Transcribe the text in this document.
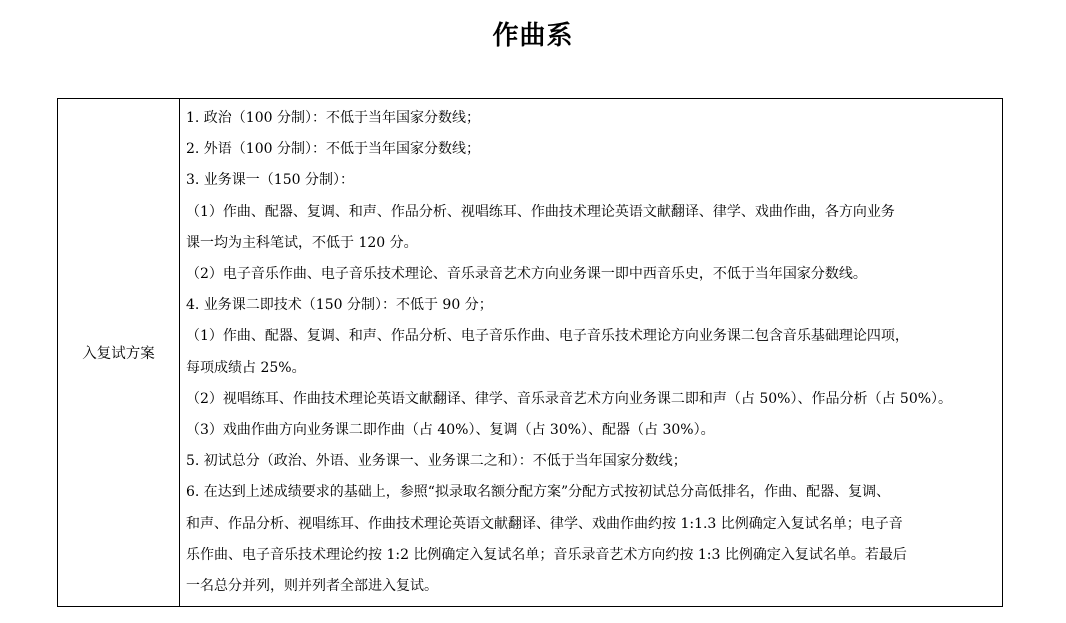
作曲系
入复试方案	
1. 政治（100 分制）：不低于当年国家分数线；
2. 外语（100 分制）：不低于当年国家分数线；
3. 业务课一（150 分制）：
（1）作曲、配器、复调、和声、作品分析、视唱练耳、作曲技术理论英语文献翻译、律学、戏曲作曲，各方向业务
课一均为主科笔试，不低于 120 分。
（2）电子音乐作曲、电子音乐技术理论、音乐录音艺术方向业务课一即中西音乐史，不低于当年国家分数线。
4. 业务课二即技术（150 分制）：不低于 90 分；
（1）作曲、配器、复调、和声、作品分析、电子音乐作曲、电子音乐技术理论方向业务课二包含音乐基础理论四项，
每项成绩占 25%。
（2）视唱练耳、作曲技术理论英语文献翻译、律学、音乐录音艺术方向业务课二即和声（占 50%）、作品分析（占 50%）。
（3）戏曲作曲方向业务课二即作曲（占 40%）、复调（占 30%）、配器（占 30%）。
5. 初试总分（政治、外语、业务课一、业务课二之和）：不低于当年国家分数线；
6. 在达到上述成绩要求的基础上，参照“拟录取名额分配方案”分配方式按初试总分高低排名，作曲、配器、复调、
和声、作品分析、视唱练耳、作曲技术理论英语文献翻译、律学、戏曲作曲约按 1:1.3 比例确定入复试名单；电子音
乐作曲、电子音乐技术理论约按 1:2 比例确定入复试名单；音乐录音艺术方向约按 1:3 比例确定入复试名单。若最后
一名总分并列，则并列者全部进入复试。
